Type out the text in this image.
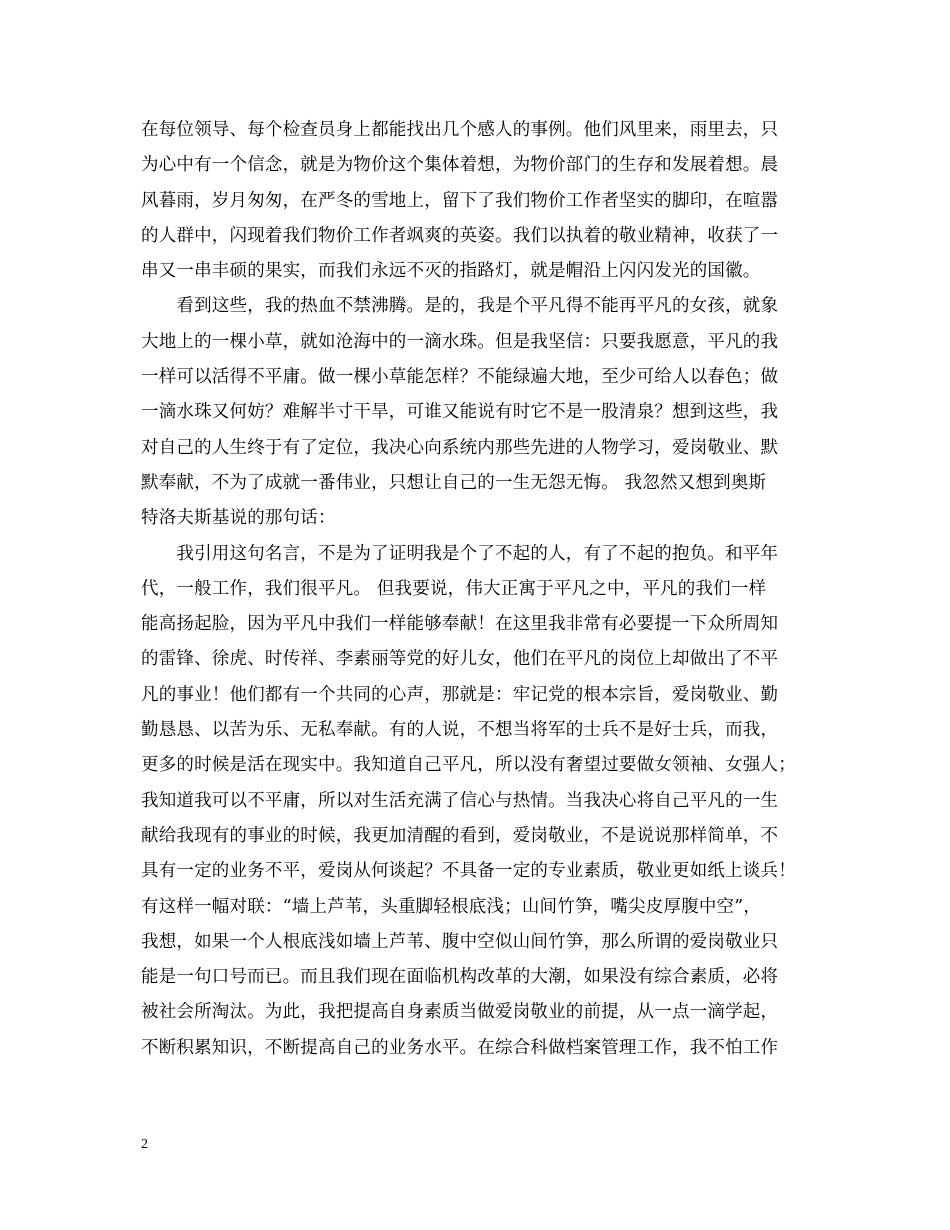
在每位领导、每个检查员身上都能找出几个感人的事例。他们风里来，雨里去，只
为心中有一个信念，就是为物价这个集体着想，为物价部门的生存和发展着想。晨
风暮雨，岁月匆匆，在严冬的雪地上，留下了我们物价工作者坚实的脚印，在喧嚣
的人群中，闪现着我们物价工作者飒爽的英姿。我们以执着的敬业精神，收获了一
串又一串丰硕的果实，而我们永远不灭的指路灯，就是帽沿上闪闪发光的国徽。
　　看到这些，我的热血不禁沸腾。是的，我是个平凡得不能再平凡的女孩，就象
大地上的一棵小草，就如沧海中的一滴水珠。但是我坚信：只要我愿意，平凡的我
一样可以活得不平庸。做一棵小草能怎样？不能绿遍大地，至少可给人以春色；做
一滴水珠又何妨？难解半寸干旱，可谁又能说有时它不是一股清泉？想到这些，我
对自己的人生终于有了定位，我决心向系统内那些先进的人物学习，爱岗敬业、默
默奉献，不为了成就一番伟业，只想让自己的一生无怨无悔。 我忽然又想到奥斯
特洛夫斯基说的那句话：
　　我引用这句名言，不是为了证明我是个了不起的人，有了不起的抱负。和平年
代，一般工作，我们很平凡。 但我要说，伟大正寓于平凡之中，平凡的我们一样
能高扬起脸，因为平凡中我们一样能够奉献！在这里我非常有必要提一下众所周知
的雷锋、徐虎、时传祥、李素丽等党的好儿女，他们在平凡的岗位上却做出了不平
凡的事业！他们都有一个共同的心声，那就是：牢记党的根本宗旨，爱岗敬业、勤
勤恳恳、以苦为乐、无私奉献。有的人说，不想当将军的士兵不是好士兵，而我，
更多的时候是活在现实中。我知道自己平凡，所以没有奢望过要做女领袖、女强人；
我知道我可以不平庸，所以对生活充满了信心与热情。当我决心将自己平凡的一生
献给我现有的事业的时候，我更加清醒的看到，爱岗敬业，不是说说那样简单，不
具有一定的业务不平，爱岗从何谈起？不具备一定的专业素质，敬业更如纸上谈兵！
有这样一幅对联：“墙上芦苇，头重脚轻根底浅；山间竹笋，嘴尖皮厚腹中空”，
我想，如果一个人根底浅如墙上芦苇、腹中空似山间竹笋，那么所谓的爱岗敬业只
能是一句口号而已。而且我们现在面临机构改革的大潮，如果没有综合素质，必将
被社会所淘汰。为此，我把提高自身素质当做爱岗敬业的前提，从一点一滴学起，
不断积累知识，不断提高自己的业务水平。在综合科做档案管理工作，我不怕工作
2
